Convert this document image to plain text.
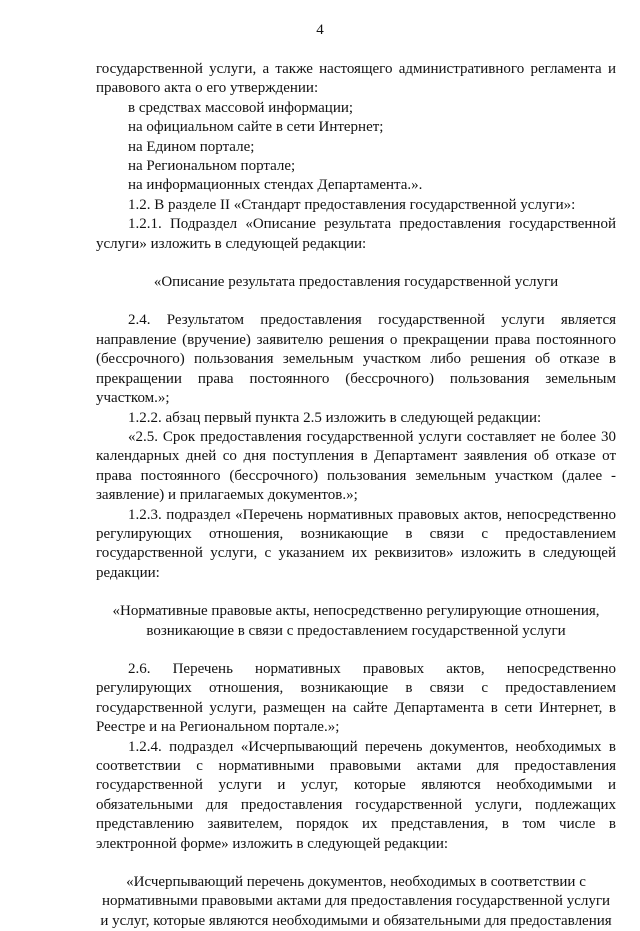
4

государственной услуги, а также настоящего административного регламента и правового акта о его утверждении:

в средствах массовой информации;

на официальном сайте в сети Интернет;

на Едином портале;

на Региональном портале;

на информационных стендах Департамента.».

1.2. В разделе II «Стандарт предоставления государственной услуги»:

1.2.1. Подраздел «Описание результата предоставления государственной услуги» изложить в следующей редакции:

«Описание результата предоставления государственной услуги

2.4. Результатом предоставления государственной услуги является направление (вручение) заявителю решения о прекращении права постоянного (бессрочного) пользования земельным участком либо решения об отказе в прекращении права постоянного (бессрочного) пользования земельным участком.»;

1.2.2. абзац первый пункта 2.5 изложить в следующей редакции:

«2.5. Срок предоставления государственной услуги составляет не более 30 календарных дней со дня поступления в Департамент заявления об отказе от права постоянного (бессрочного) пользования земельным участком (далее - заявление) и прилагаемых документов.»;

1.2.3. подраздел «Перечень нормативных правовых актов, непосредственно регулирующих отношения, возникающие в связи с предоставлением государственной услуги, с указанием их реквизитов» изложить в следующей редакции:

«Нормативные правовые акты, непосредственно регулирующие отношения,

возникающие в связи с предоставлением государственной услуги

2.6. Перечень нормативных правовых актов, непосредственно регулирующих отношения, возникающие в связи с предоставлением государственной услуги, размещен на сайте Департамента в сети Интернет, в Реестре и на Региональном портале.»;

1.2.4. подраздел «Исчерпывающий перечень документов, необходимых в соответствии с нормативными правовыми актами для предоставления государственной услуги и услуг, которые являются необходимыми и обязательными для предоставления государственной услуги, подлежащих представлению заявителем, порядок их представления, в том числе в электронной форме» изложить в следующей редакции:

«Исчерпывающий перечень документов, необходимых в соответствии с

нормативными правовыми актами для предоставления государственной услуги

и услуг, которые являются необходимыми и обязательными для предоставления
